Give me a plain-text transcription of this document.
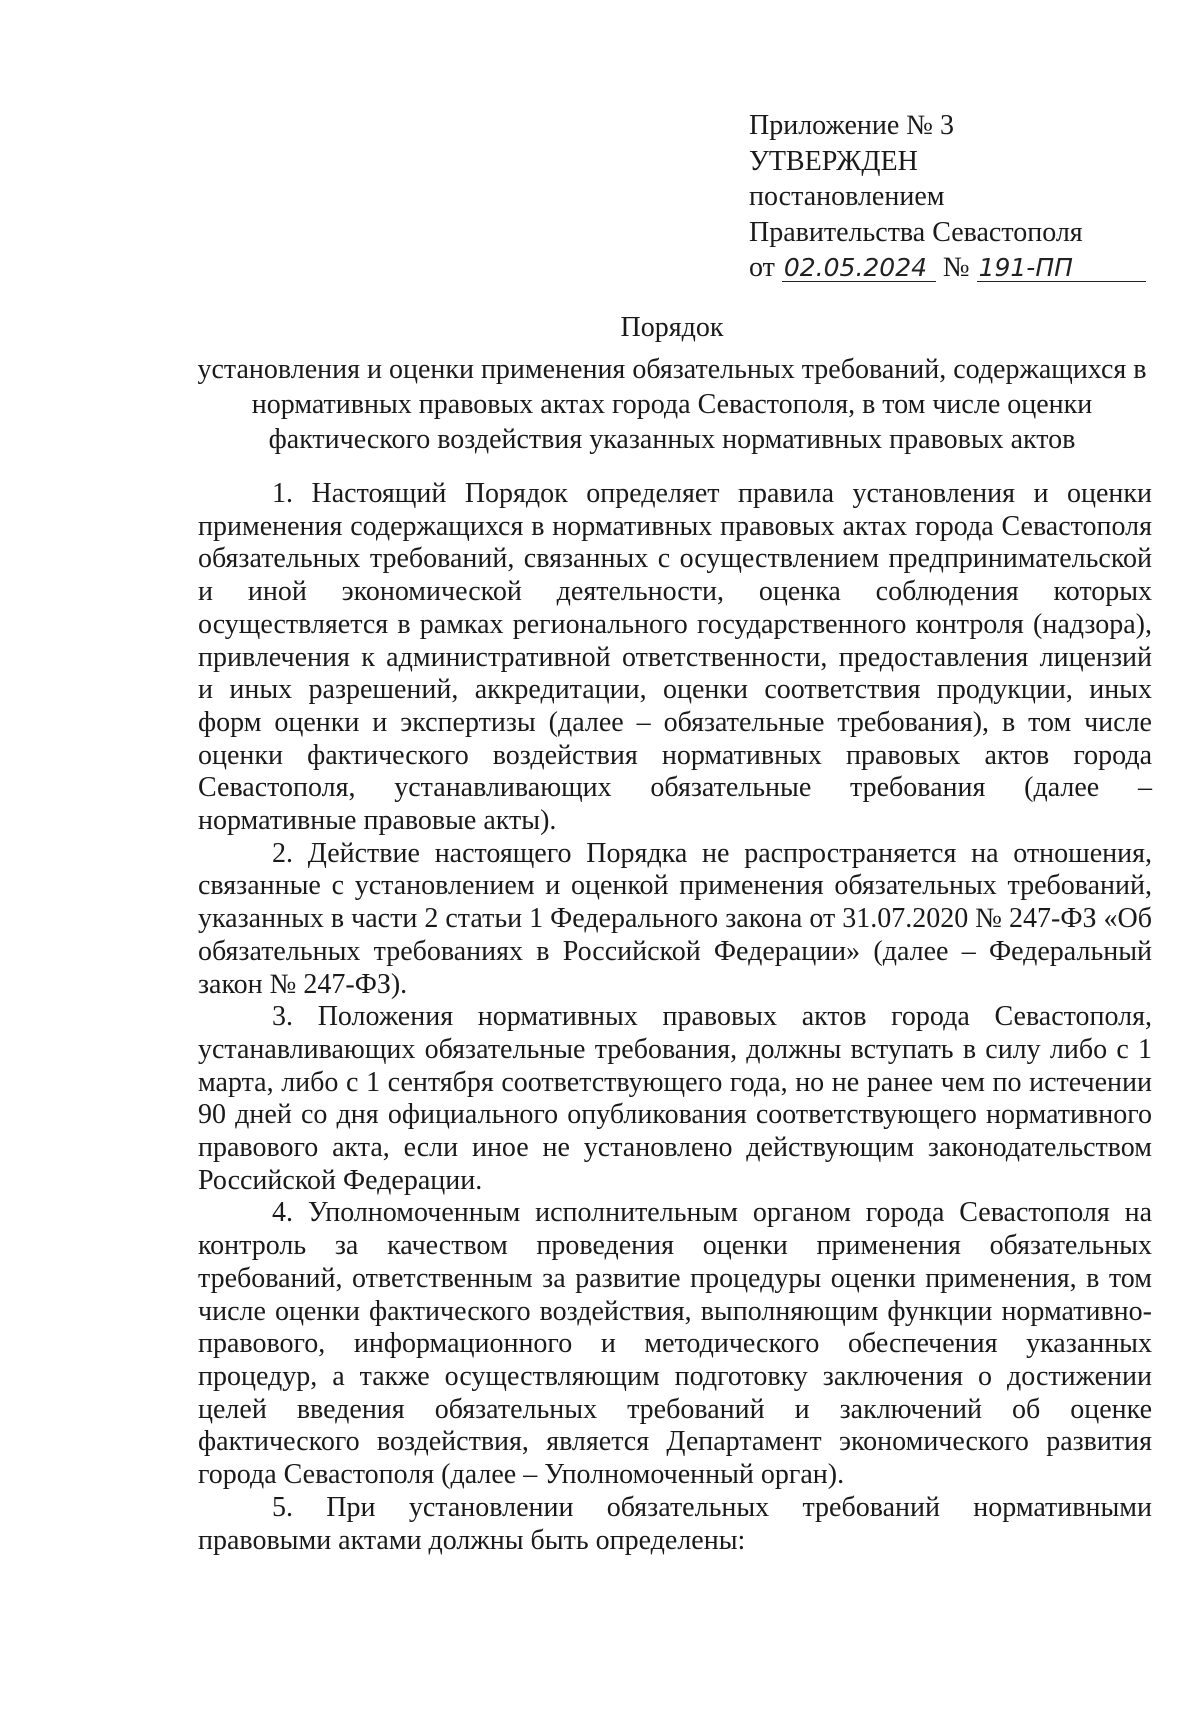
Приложение № 3
УТВЕРЖДЕН
постановлением
Правительства Севастополя
от 02.05.2024 № 191-ПП
Порядок
установления и оценки применения обязательных требований, содержащихся в нормативных правовых актах города Севастополя, в том числе оценки фактического воздействия указанных нормативных правовых актов

1. Настоящий Порядок определяет правила установления и оценки применения содержащихся в нормативных правовых актах города Севастополя обязательных требований, связанных с осуществлением предпринимательской и иной экономической деятельности, оценка соблюдения которых осуществляется в рамках регионального государственного контроля (надзора), привлечения к административной ответственности, предоставления лицензий и иных разрешений, аккредитации, оценки соответствия продукции, иных форм оценки и экспертизы (далее – обязательные требования), в том числе оценки фактического воздействия нормативных правовых актов города Севастополя, устанавливающих обязательные требования (далее – нормативные правовые акты).

2. Действие настоящего Порядка не распространяется на отношения, связанные с установлением и оценкой применения обязательных требований, указанных в части 2 статьи 1 Федерального закона от 31.07.2020 № 247-ФЗ «Об обязательных требованиях в Российской Федерации» (далее – Федеральный закон № 247-ФЗ).

3. Положения нормативных правовых актов города Севастополя, устанавливающих обязательные требования, должны вступать в силу либо с 1 марта, либо с 1 сентября соответствующего года, но не ранее чем по истечении 90 дней со дня официального опубликования соответствующего нормативного правового акта, если иное не установлено действующим законодательством Российской Федерации.

4. Уполномоченным исполнительным органом города Севастополя на контроль за качеством проведения оценки применения обязательных требований, ответственным за развитие процедуры оценки применения, в том числе оценки фактического воздействия, выполняющим функции нормативно-правового, информационного и методического обеспечения указанных процедур, а также осуществляющим подготовку заключения о достижении целей введения обязательных требований и заключений об оценке фактического воздействия, является Департамент экономического развития города Севастополя (далее – Уполномоченный орган).

5. При установлении обязательных требований нормативными правовыми актами должны быть определены:
